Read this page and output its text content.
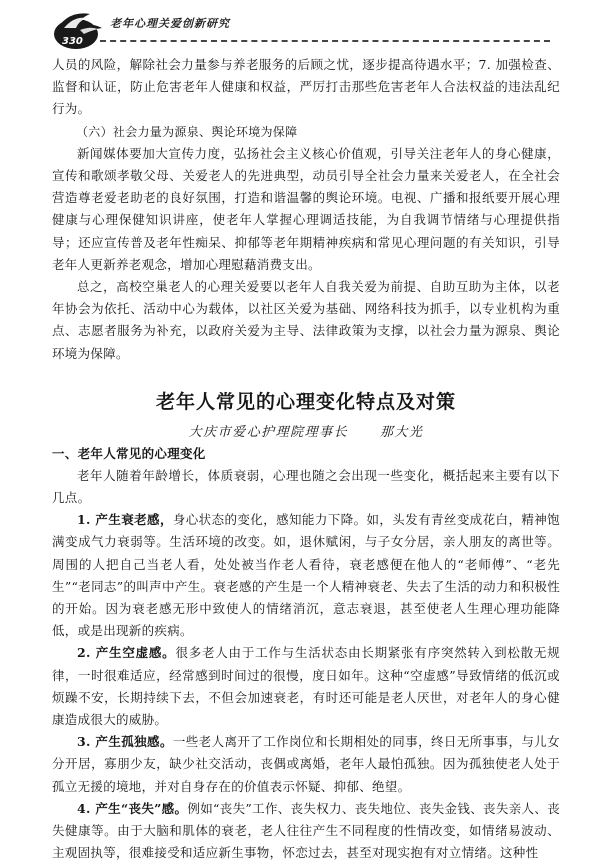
330
老年心理关爱创新研究

人员的风险，解除社会力量参与养老服务的后顾之忧，逐步提高待遇水平；7. 加强检查、监督和认证，防止危害老年人健康和权益，严厉打击那些危害老年人合法权益的违法乱纪行为。

（六）社会力量为源泉、舆论环境为保障

新闻媒体要加大宣传力度，弘扬社会主义核心价值观，引导关注老年人的身心健康，宣传和歌颂孝敬父母、关爱老人的先进典型，动员引导全社会力量来关爱老人，在全社会营造尊老爱老助老的良好氛围，打造和谐温馨的舆论环境。电视、广播和报纸要开展心理健康与心理保健知识讲座，使老年人掌握心理调适技能，为自我调节情绪与心理提供指导；还应宣传普及老年性痴呆、抑郁等老年期精神疾病和常见心理问题的有关知识，引导老年人更新养老观念，增加心理慰藉消费支出。

总之，高校空巢老人的心理关爱要以老年人自我关爱为前提、自助互助为主体，以老年协会为依托、活动中心为载体，以社区关爱为基础、网络科技为抓手，以专业机构为重点、志愿者服务为补充，以政府关爱为主导、法律政策为支撑，以社会力量为源泉、舆论环境为保障。

老年人常见的心理变化特点及对策
大庆市爱心护理院理事长 那大光

一、老年人常见的心理变化

老年人随着年龄增长，体质衰弱，心理也随之会出现一些变化，概括起来主要有以下几点。

1. 产生衰老感，身心状态的变化，感知能力下降。如，头发有青丝变成花白，精神饱满变成气力衰弱等。生活环境的改变。如，退休赋闲，与子女分居，亲人朋友的离世等。周围的人把自己当老人看，处处被当作老人看待，衰老感便在他人的“老师傅”、“老先生”“老同志”的叫声中产生。衰老感的产生是一个人精神衰老、失去了生活的动力和积极性的开始。因为衰老感无形中致使人的情绪消沉，意志衰退，甚至使老人生理心理功能降低，或是出现新的疾病。

2. 产生空虚感。很多老人由于工作与生活状态由长期紧张有序突然转入到松散无规律，一时很难适应，经常感到时间过的很慢，度日如年。这种“空虚感”导致情绪的低沉或烦躁不安，长期持续下去，不但会加速衰老，有时还可能是老人厌世，对老年人的身心健康造成很大的威胁。

3. 产生孤独感。一些老人离开了工作岗位和长期相处的同事，终日无所事事，与儿女分开居，寡朋少友，缺少社交活动，丧偶或离婚，老年人最怕孤独。因为孤独使老人处于孤立无援的境地，并对自身存在的价值表示怀疑、抑郁、绝望。

4. 产生“丧失”感。例如“丧失”工作、丧失权力、丧失地位、丧失金钱、丧失亲人、丧失健康等。由于大脑和肌体的衰老，老人往往产生不同程度的性情改变，如情绪易波动、主观固执等，很难接受和适应新生事物，怀恋过去，甚至对现实抱有对立情绪。这种性
